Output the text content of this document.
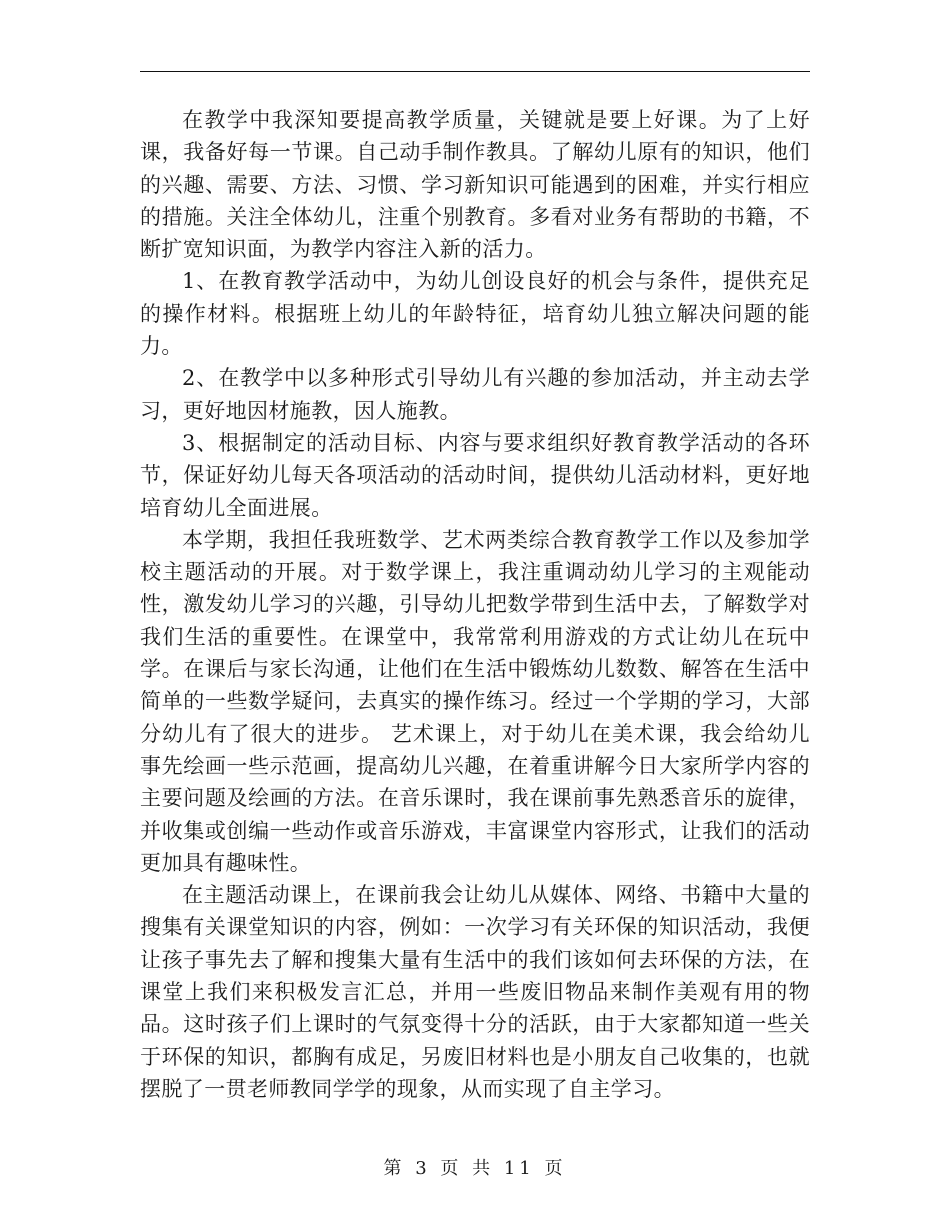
在教学中我深知要提高教学质量，关键就是要上好课。为了上好课，我备好每一节课。自己动手制作教具。了解幼儿原有的知识，他们的兴趣、需要、方法、习惯、学习新知识可能遇到的困难，并实行相应的措施。关注全体幼儿，注重个别教育。多看对业务有帮助的书籍，不断扩宽知识面，为教学内容注入新的活力。

1、在教育教学活动中，为幼儿创设良好的机会与条件，提供充足的操作材料。根据班上幼儿的年龄特征，培育幼儿独立解决问题的能力。

2、在教学中以多种形式引导幼儿有兴趣的参加活动，并主动去学习，更好地因材施教，因人施教。

3、根据制定的活动目标、内容与要求组织好教育教学活动的各环节，保证好幼儿每天各项活动的活动时间，提供幼儿活动材料，更好地培育幼儿全面进展。

本学期，我担任我班数学、艺术两类综合教育教学工作以及参加学校主题活动的开展。对于数学课上，我注重调动幼儿学习的主观能动性，激发幼儿学习的兴趣，引导幼儿把数学带到生活中去，了解数学对我们生活的重要性。在课堂中，我常常利用游戏的方式让幼儿在玩中学。在课后与家长沟通，让他们在生活中锻炼幼儿数数、解答在生活中简单的一些数学疑问，去真实的操作练习。经过一个学期的学习，大部分幼儿有了很大的进步。 艺术课上，对于幼儿在美术课，我会给幼儿事先绘画一些示范画，提高幼儿兴趣，在着重讲解今日大家所学内容的主要问题及绘画的方法。在音乐课时，我在课前事先熟悉音乐的旋律，并收集或创编一些动作或音乐游戏，丰富课堂内容形式，让我们的活动更加具有趣味性。

在主题活动课上，在课前我会让幼儿从媒体、网络、书籍中大量的搜集有关课堂知识的内容，例如：一次学习有关环保的知识活动，我便让孩子事先去了解和搜集大量有生活中的我们该如何去环保的方法，在课堂上我们来积极发言汇总，并用一些废旧物品来制作美观有用的物品。这时孩子们上课时的气氛变得十分的活跃，由于大家都知道一些关于环保的知识，都胸有成足，另废旧材料也是小朋友自己收集的，也就摆脱了一贯老师教同学学的现象，从而实现了自主学习。

第 3 页 共 11 页
